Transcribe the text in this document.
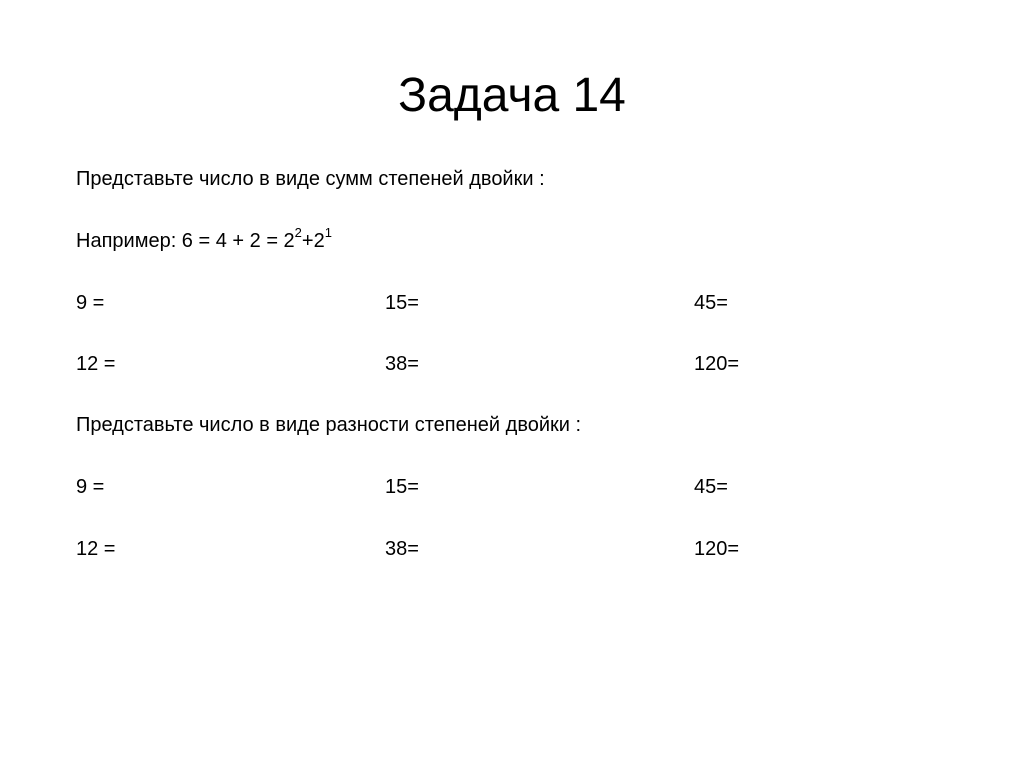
Задача 14
Представьте число в виде сумм степеней двойки :
Например: $6 = 4 + 2 = 2^2+2^1$
9 =	15=	45=
12 =	38=	120=
Представьте число в виде разности степеней двойки :
9 =	15=	45=
12 =	38=	120=
